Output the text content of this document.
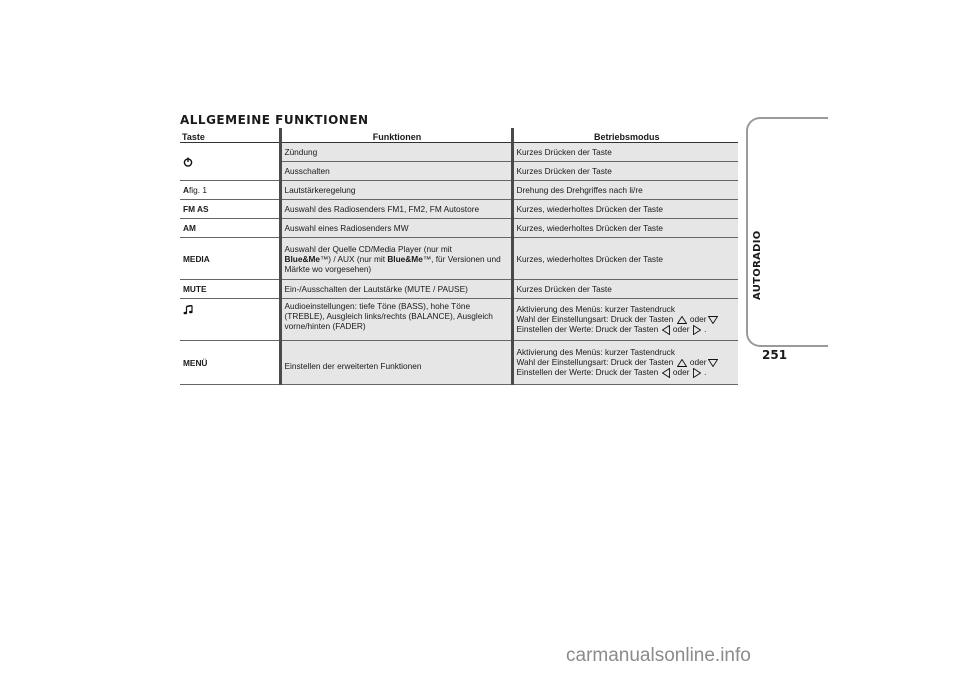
ALLGEMEINE FUNKTIONEN
Taste	Funktionen	Betriebsmodus

	Zündung	Kurzes Drücken der Taste
	Ausschalten	Kurzes Drücken der Taste
Afig. 1	Lautstärkeregelung	Drehung des Drehgriffes nach li/re
FM AS	Auswahl des Radiosenders FM1, FM2, FM Autostore	Kurzes, wiederholtes Drücken der Taste
AM	Auswahl eines Radiosenders MW	Kurzes, wiederholtes Drücken der Taste
MEDIA	Auswahl der Quelle CD/Media Player (nur mit
Blue&Me™) / AUX (nur mit Blue&Me™, für Versionen und Märkte wo vorgesehen)	Kurzes, wiederholtes Drücken der Taste
MUTE	Ein-/Ausschalten der Lautstärke (MUTE / PAUSE)	Kurzes Drücken der Taste

	Audioeinstellungen: tiefe Töne (BASS), hohe Töne (TREBLE), Ausgleich links/rechts (BALANCE), Ausgleich vorne/hinten (FADER)	Aktivierung des Menüs: kurzer Tastendruck
Wahl der Einstellungsart: Druck der Tasten oder
Einstellen der Werte: Druck der Tasten oder .
MENÜ	Einstellen der erweiterten Funktionen	Aktivierung des Menüs: kurzer Tastendruck
Wahl der Einstellungsart: Druck der Tasten oder
Einstellen der Werte: Druck der Tasten oder .
AUTORADIO
251
carmanualsonline.info
